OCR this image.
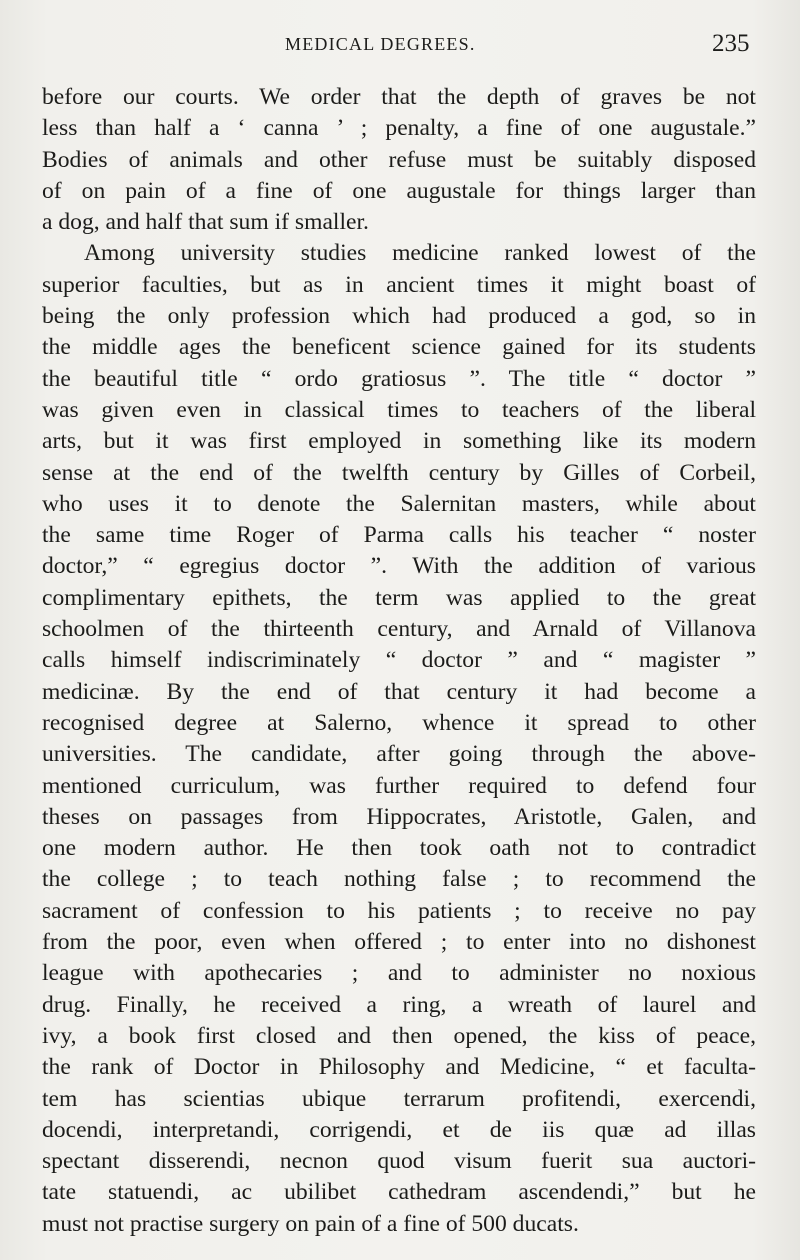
MEDICAL DEGREES.	235
before our courts. We order that the depth of graves be not
less than half a ‘ canna ’ ; penalty, a fine of one augustale.”
Bodies of animals and other refuse must be suitably disposed
of on pain of a fine of one augustale for things larger than
a dog, and half that sum if smaller.
Among university studies medicine ranked lowest of the
superior faculties, but as in ancient times it might boast of
being the only profession which had produced a god, so in
the middle ages the beneficent science gained for its students
the beautiful title “ ordo gratiosus ”. The title “ doctor ”
was given even in classical times to teachers of the liberal
arts, but it was first employed in something like its modern
sense at the end of the twelfth century by Gilles of Corbeil,
who uses it to denote the Salernitan masters, while about
the same time Roger of Parma calls his teacher “ noster
doctor,” “ egregius doctor ”. With the addition of various
complimentary epithets, the term was applied to the great
schoolmen of the thirteenth century, and Arnald of Villanova
calls himself indiscriminately “ doctor ” and “ magister ”
medicinæ. By the end of that century it had become a
recognised degree at Salerno, whence it spread to other
universities. The candidate, after going through the above-
mentioned curriculum, was further required to defend four
theses on passages from Hippocrates, Aristotle, Galen, and
one modern author. He then took oath not to contradict
the college ; to teach nothing false ; to recommend the
sacrament of confession to his patients ; to receive no pay
from the poor, even when offered ; to enter into no dishonest
league with apothecaries ; and to administer no noxious
drug. Finally, he received a ring, a wreath of laurel and
ivy, a book first closed and then opened, the kiss of peace,
the rank of Doctor in Philosophy and Medicine, “ et faculta-
tem has scientias ubique terrarum profitendi, exercendi,
docendi, interpretandi, corrigendi, et de iis quæ ad illas
spectant disserendi, necnon quod visum fuerit sua auctori-
tate statuendi, ac ubilibet cathedram ascendendi,” but he
must not practise surgery on pain of a fine of 500 ducats.
